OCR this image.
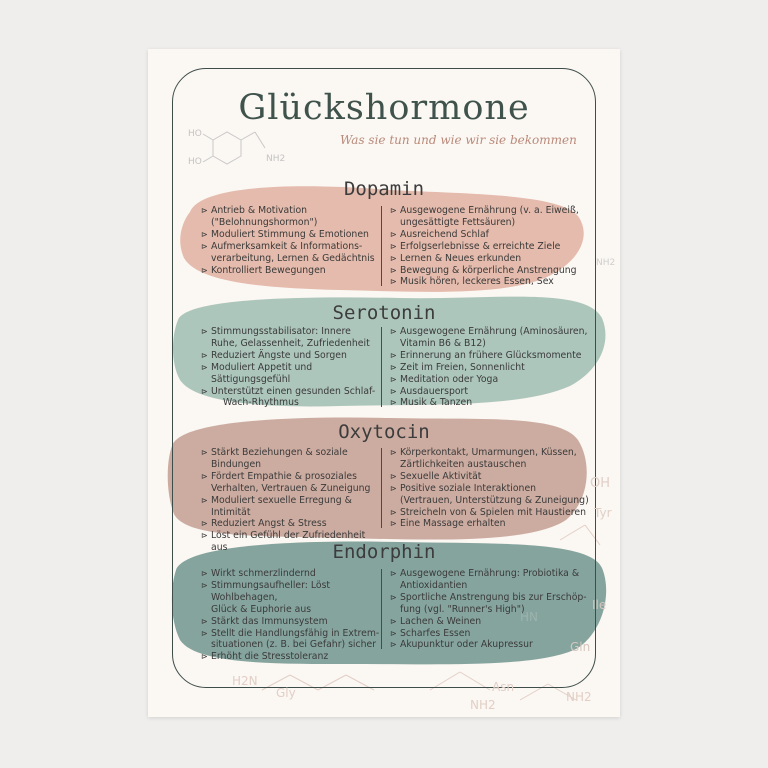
HO
HO	NH2
NH2
OH
Tyr
Ile
HN
Gln
Asn
Gly
H2N
NH2
NH2
Glückshormone
Was sie tun und wie wir sie bekommen
Dopamin
⊳ Antrieb & Motivation
("Belohnungshormon")
⊳ Moduliert Stimmung & Emotionen
⊳ Aufmerksamkeit & Informations-
verarbeitung, Lernen & Gedächtnis
⊳ Kontrolliert Bewegungen
⊳ Ausgewogene Ernährung (v. a. Eiweiß,
ungesättigte Fettsäuren)
⊳ Ausreichend Schlaf
⊳ Erfolgserlebnisse & erreichte Ziele
⊳ Lernen & Neues erkunden
⊳ Bewegung & körperliche Anstrengung
⊳ Musik hören, leckeres Essen, Sex
Serotonin
⊳ Stimmungsstabilisator: Innere
Ruhe, Gelassenheit, Zufriedenheit
⊳ Reduziert Ängste und Sorgen
⊳ Moduliert Appetit und Sättigungsgefühl
⊳ Unterstützt einen gesunden Schlaf-
Wach-Rhythmus
⊳ Ausgewogene Ernährung (Aminosäuren,
Vitamin B6 & B12)
⊳ Erinnerung an frühere Glücksmomente
⊳ Zeit im Freien, Sonnenlicht
⊳ Meditation oder Yoga
⊳ Ausdauersport
⊳ Musik & Tanzen
Oxytocin
⊳ Stärkt Beziehungen & soziale Bindungen
⊳ Fördert Empathie & prosoziales
Verhalten, Vertrauen & Zuneigung
⊳ Moduliert sexuelle Erregung & Intimität
⊳ Reduziert Angst & Stress
⊳ Löst ein Gefühl der Zufriedenheit aus
⊳ Körperkontakt, Umarmungen, Küssen,
Zärtlichkeiten austauschen
⊳ Sexuelle Aktivität
⊳ Positive soziale Interaktionen
(Vertrauen, Unterstützung & Zuneigung)
⊳ Streicheln von & Spielen mit Haustieren
⊳ Eine Massage erhalten
Endorphin
⊳ Wirkt schmerzlindernd
⊳ Stimmungsaufheller: Löst Wohlbehagen,
Glück & Euphorie aus
⊳ Stärkt das Immunsystem
⊳ Stellt die Handlungsfähig in Extrem-
situationen (z. B. bei Gefahr) sicher
⊳ Erhöht die Stresstoleranz
⊳ Ausgewogene Ernährung: Probiotika &
Antioxidantien
⊳ Sportliche Anstrengung bis zur Erschöp-
fung (vgl. "Runner's High")
⊳ Lachen & Weinen
⊳ Scharfes Essen
⊳ Akupunktur oder Akupressur
